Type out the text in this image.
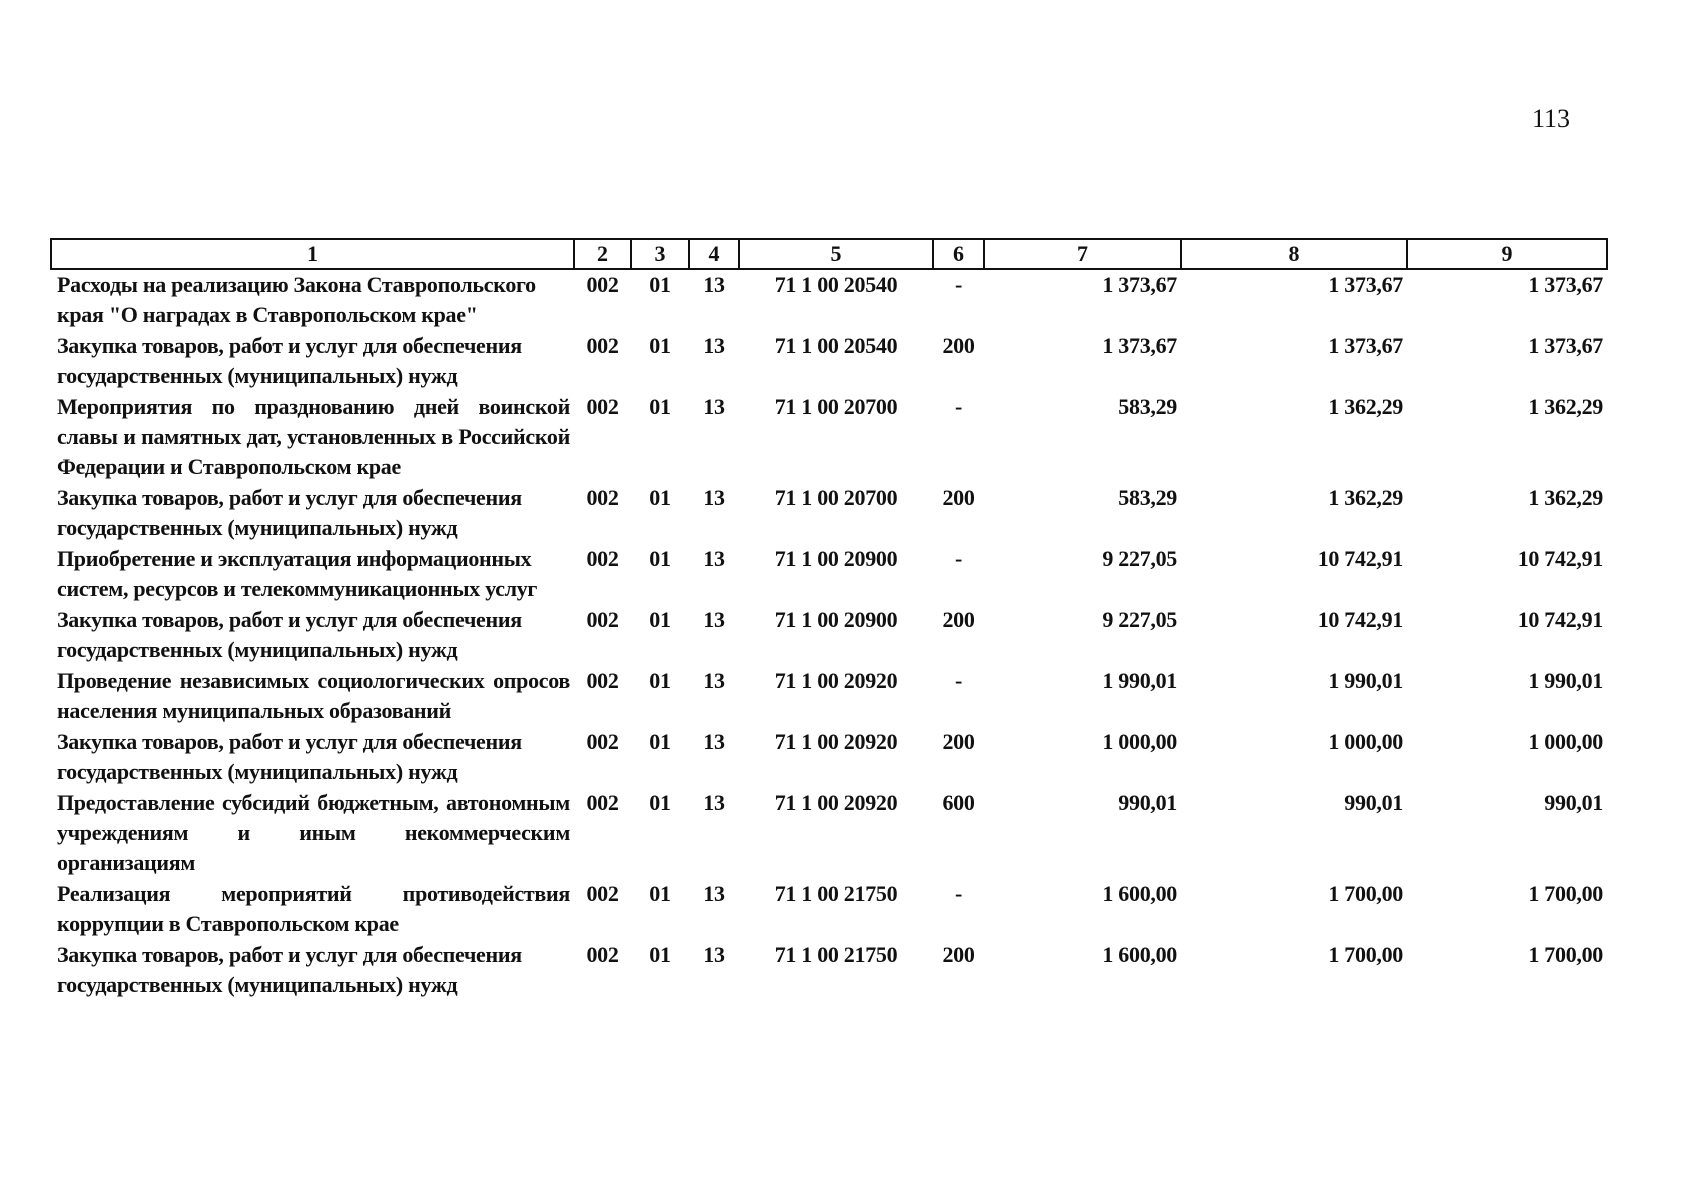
113
1	2	3	4	5	6	7	8	9
Расходы на реализацию Закона Ставропольского края "О наградах в Ставропольском крае"	002	01	13	71 1 00 20540	-	1 373,67	1 373,67	1 373,67
Закупка товаров, работ и услуг для обеспечения государственных (муниципальных) нужд	002	01	13	71 1 00 20540	200	1 373,67	1 373,67	1 373,67
Мероприятия по празднованию дней воинской славы и памятных дат, установленных в Российской Федерации и Ставропольском крае	002	01	13	71 1 00 20700	-	583,29	1 362,29	1 362,29
Закупка товаров, работ и услуг для обеспечения государственных (муниципальных) нужд	002	01	13	71 1 00 20700	200	583,29	1 362,29	1 362,29
Приобретение и эксплуатация информационных систем, ресурсов и телекоммуникационных услуг	002	01	13	71 1 00 20900	-	9 227,05	10 742,91	10 742,91
Закупка товаров, работ и услуг для обеспечения государственных (муниципальных) нужд	002	01	13	71 1 00 20900	200	9 227,05	10 742,91	10 742,91
Проведение независимых социологических опросов населения муниципальных образований	002	01	13	71 1 00 20920	-	1 990,01	1 990,01	1 990,01
Закупка товаров, работ и услуг для обеспечения государственных (муниципальных) нужд	002	01	13	71 1 00 20920	200	1 000,00	1 000,00	1 000,00
Предоставление субсидий бюджетным, автономным учреждениям и иным некоммерческим организациям	002	01	13	71 1 00 20920	600	990,01	990,01	990,01
Реализация мероприятий противодействия коррупции в Ставропольском крае	002	01	13	71 1 00 21750	-	1 600,00	1 700,00	1 700,00
Закупка товаров, работ и услуг для обеспечения государственных (муниципальных) нужд	002	01	13	71 1 00 21750	200	1 600,00	1 700,00	1 700,00
